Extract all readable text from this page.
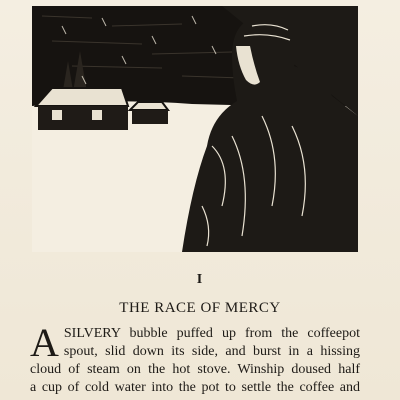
I
THE RACE OF MERCY
A SILVERY bubble puffed up from the coffeepot
spout, slid down its side, and burst in a hissing
cloud of steam on the hot stove. Winship doused half
a cup of cold water into the pot to settle the coffee and
